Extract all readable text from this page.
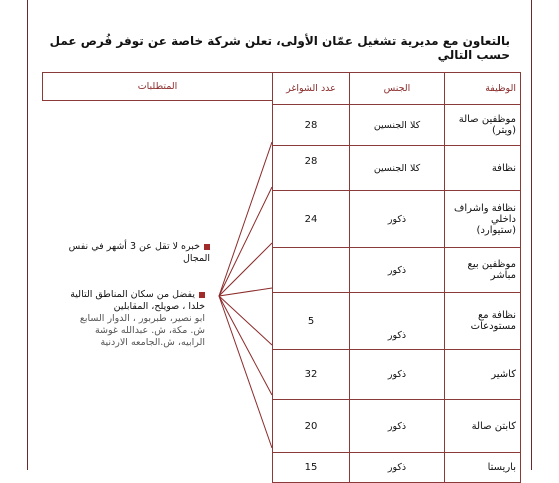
بالتعاون مع مديرية تشغيل عمّان الأولى، تعلن شركة خاصة عن توفر فُرص عمل حسب التالي
المتطلبات	الوظيفة	الجنس	عدد الشواغر
موظفين صالة (ويتر)	كلا الجنسين	28
نظافة	كلا الجنسين	28
نظافة واشراف داخلي (ستيوارد)	ذكور	24
موظفين بيع مباشر	ذكور	
نظافة مع مستودعات	ذكور	5
كاشير	ذكور	32
كابتن صالة	ذكور	20
باريستا	ذكور	15
خبره لا تقل عن 3 أشهر في نفس المجال
يفضل من سكان المناطق التالية
خلدا ، صويلح، المقابلين
ابو نصير، طبربور ، الدوار السابع
ش. مكة، ش. عبدالله غوشة
الرابيه، ش.الجامعه الاردنية
